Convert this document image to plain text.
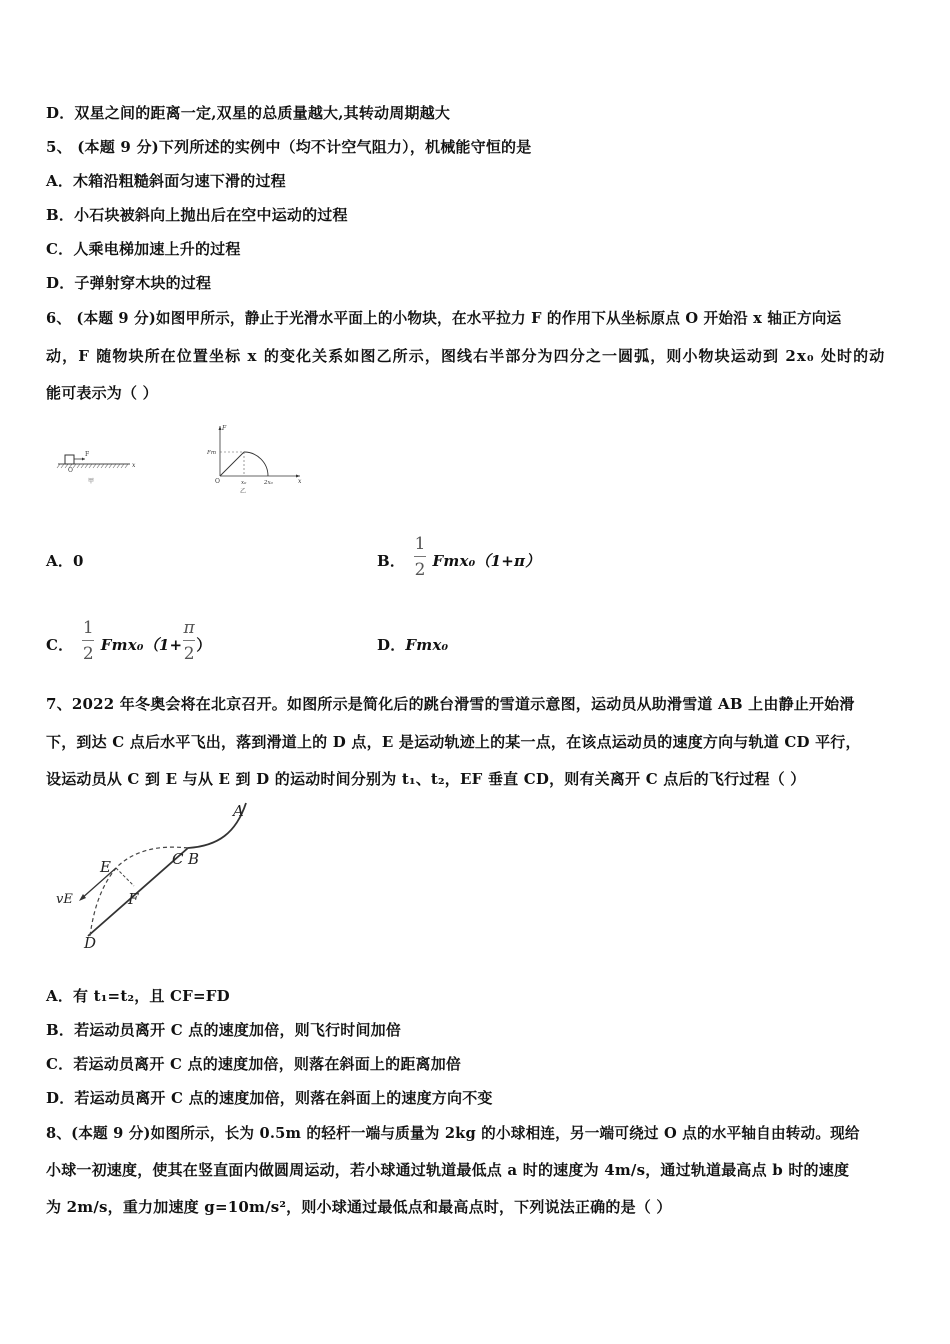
D．双星之间的距离一定,双星的总质量越大,其转动周期越大
5、 (本题 9 分)下列所述的实例中（均不计空气阻力），机械能守恒的是
A．木箱沿粗糙斜面匀速下滑的过程
B．小石块被斜向上抛出后在空中运动的过程
C．人乘电梯加速上升的过程
D．子弹射穿木块的过程
6、 (本题 9 分)如图甲所示，静止于光滑水平面上的小物块，在水平拉力 F 的作用下从坐标原点 O 开始沿 x 轴正方向运
动，F 随物块所在位置坐标 x 的变化关系如图乙所示，图线右半部分为四分之一圆弧，则小物块运动到 2x₀ 处时的动
能可表示为（ ）
F
O
x
甲
F
Fm
O	x₀	2x₀	x
乙
A．0	B．
$\frac{1}{2}$
Fmx₀（1+π）
C．
$\frac{1}{2}$
Fmx₀（1+
$\frac{\pi}{2}$
）	D．Fmx₀
7、2022 年冬奥会将在北京召开。如图所示是简化后的跳台滑雪的雪道示意图，运动员从助滑雪道 AB 上由静止开始滑
下，到达 C 点后水平飞出，落到滑道上的 D 点，E 是运动轨迹上的某一点，在该点运动员的速度方向与轨道 CD 平行，
设运动员从 C 到 E 与从 E 到 D 的运动时间分别为 t₁、t₂，EF 垂直 CD，则有关离开 C 点后的飞行过程（ ）
A
C B
E
F
D
vE
A．有 t₁=t₂，且 CF=FD
B．若运动员离开 C 点的速度加倍，则飞行时间加倍
C．若运动员离开 C 点的速度加倍，则落在斜面上的距离加倍
D．若运动员离开 C 点的速度加倍，则落在斜面上的速度方向不变
8、(本题 9 分)如图所示，长为 0.5m 的轻杆一端与质量为 2kg 的小球相连，另一端可绕过 O 点的水平轴自由转动。现给
小球一初速度，使其在竖直面内做圆周运动，若小球通过轨道最低点 a 时的速度为 4m/s，通过轨道最高点 b 时的速度
为 2m/s，重力加速度 g=10m/s²，则小球通过最低点和最高点时，下列说法正确的是（ ）
